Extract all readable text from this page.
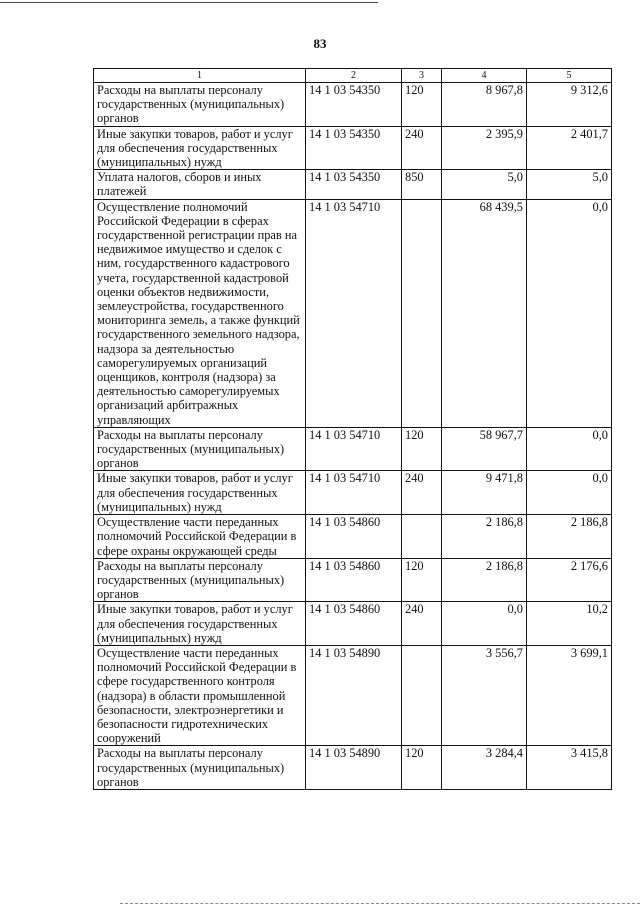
83
1	2	3	4	5
Расходы на выплаты персоналу государственных (муниципальных) органов	14 1 03 54350	120	8 967,8	9 312,6
Иные закупки товаров, работ и услуг для обеспечения государственных (муниципальных) нужд	14 1 03 54350	240	2 395,9	2 401,7
Уплата налогов, сборов и иных платежей	14 1 03 54350	850	5,0	5,0
Осуществление полномочий Российской Федерации в сферах государственной регистрации прав на недвижимое имущество и сделок с ним, государственного кадастрового учета, государственной кадастровой оценки объектов недвижимости, землеустройства, государственного мониторинга земель, а также функций государственного земельного надзора, надзора за деятельностью саморегулируемых организаций оценщиков, контроля (надзора) за деятельностью саморегулируемых организаций арбитражных управляющих	14 1 03 54710		68 439,5	0,0
Расходы на выплаты персоналу государственных (муниципальных) органов	14 1 03 54710	120	58 967,7	0,0
Иные закупки товаров, работ и услуг для обеспечения государственных (муниципальных) нужд	14 1 03 54710	240	9 471,8	0,0
Осуществление части переданных полномочий Российской Федерации в сфере охраны окружающей среды	14 1 03 54860		2 186,8	2 186,8
Расходы на выплаты персоналу государственных (муниципальных) органов	14 1 03 54860	120	2 186,8	2 176,6
Иные закупки товаров, работ и услуг для обеспечения государственных (муниципальных) нужд	14 1 03 54860	240	0,0	10,2
Осуществление части переданных полномочий Российской Федерации в сфере государственного контроля (надзора) в области промышленной безопасности, электроэнергетики и безопасности гидротехнических сооружений	14 1 03 54890		3 556,7	3 699,1
Расходы на выплаты персоналу государственных (муниципальных) органов	14 1 03 54890	120	3 284,4	3 415,8
